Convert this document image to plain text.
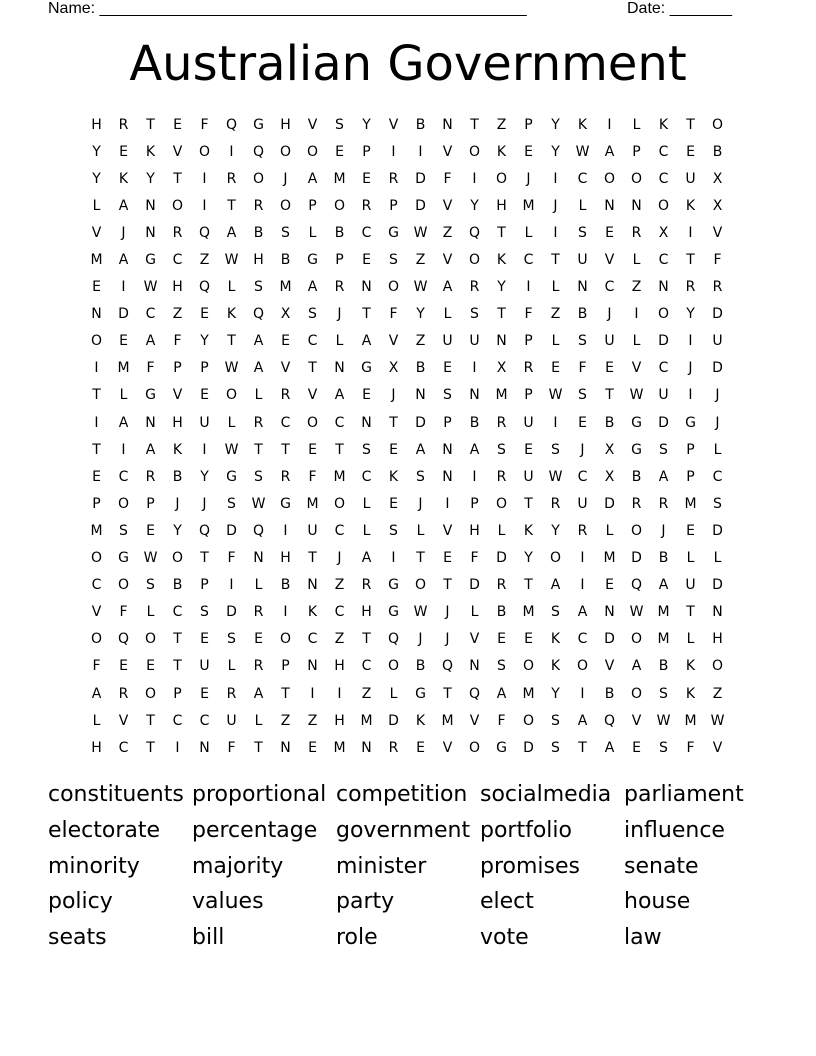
Name: ________________________________________________	Date: _______
Australian Government
H	R	T	E	F	Q	G	H	V	S	Y	V	B	N	T	Z	P	Y	K	I	L	K	T	O
Y	E	K	V	O	I	Q	O	O	E	P	I	I	V	O	K	E	Y	W	A	P	C	E	B
Y	K	Y	T	I	R	O	J	A	M	E	R	D	F	I	O	J	I	C	O	O	C	U	X
L	A	N	O	I	T	R	O	P	O	R	P	D	V	Y	H	M	J	L	N	N	O	K	X
V	J	N	R	Q	A	B	S	L	B	C	G	W	Z	Q	T	L	I	S	E	R	X	I	V
M	A	G	C	Z	W	H	B	G	P	E	S	Z	V	O	K	C	T	U	V	L	C	T	F
E	I	W	H	Q	L	S	M	A	R	N	O	W	A	R	Y	I	L	N	C	Z	N	R	R
N	D	C	Z	E	K	Q	X	S	J	T	F	Y	L	S	T	F	Z	B	J	I	O	Y	D
O	E	A	F	Y	T	A	E	C	L	A	V	Z	U	U	N	P	L	S	U	L	D	I	U
I	M	F	P	P	W	A	V	T	N	G	X	B	E	I	X	R	E	F	E	V	C	J	D
T	L	G	V	E	O	L	R	V	A	E	J	N	S	N	M	P	W	S	T	W	U	I	J
I	A	N	H	U	L	R	C	O	C	N	T	D	P	B	R	U	I	E	B	G	D	G	J
T	I	A	K	I	W	T	T	E	T	S	E	A	N	A	S	E	S	J	X	G	S	P	L
E	C	R	B	Y	G	S	R	F	M	C	K	S	N	I	R	U	W	C	X	B	A	P	C
P	O	P	J	J	S	W	G	M	O	L	E	J	I	P	O	T	R	U	D	R	R	M	S
M	S	E	Y	Q	D	Q	I	U	C	L	S	L	V	H	L	K	Y	R	L	O	J	E	D
O	G	W	O	T	F	N	H	T	J	A	I	T	E	F	D	Y	O	I	M	D	B	L	L
C	O	S	B	P	I	L	B	N	Z	R	G	O	T	D	R	T	A	I	E	Q	A	U	D
V	F	L	C	S	D	R	I	K	C	H	G	W	J	L	B	M	S	A	N	W	M	T	N
O	Q	O	T	E	S	E	O	C	Z	T	Q	J	J	V	E	E	K	C	D	O	M	L	H
F	E	E	T	U	L	R	P	N	H	C	O	B	Q	N	S	O	K	O	V	A	B	K	O
A	R	O	P	E	R	A	T	I	I	Z	L	G	T	Q	A	M	Y	I	B	O	S	K	Z
L	V	T	C	C	U	L	Z	Z	H	M	D	K	M	V	F	O	S	A	Q	V	W	M	W
H	C	T	I	N	F	T	N	E	M	N	R	E	V	O	G	D	S	T	A	E	S	F	V
constituents proportional competition socialmedia parliament
electorate	percentage government portfolio	influence
minority	majority	minister	promises	senate
policy	values	party	elect	house
seats	bill	role	vote	law
